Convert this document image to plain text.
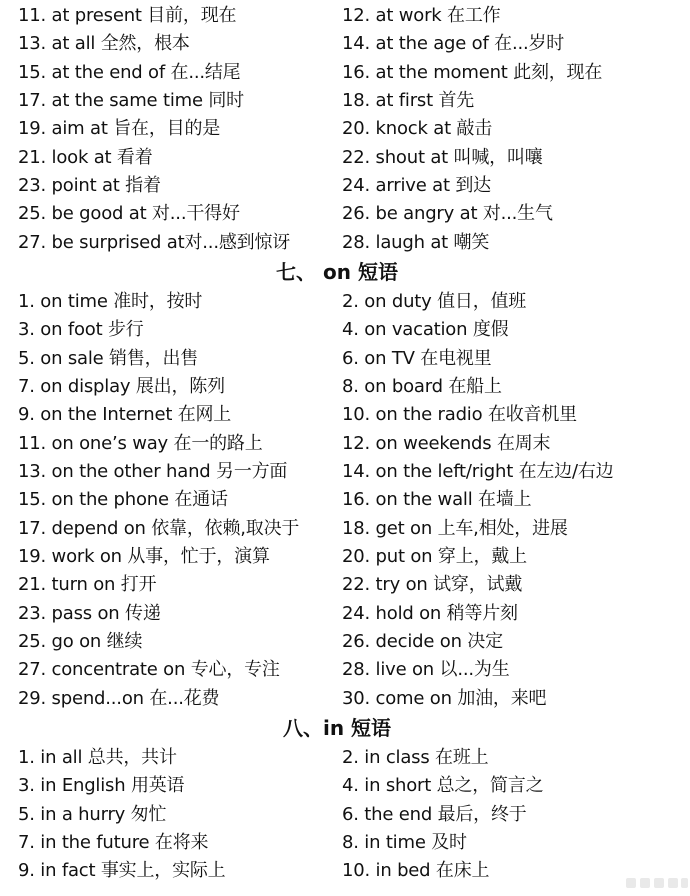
11. at present 目前，现在	12. at work 在工作
13. at all 全然，根本	14. at the age of 在...岁时
15. at the end of 在...结尾	16. at the moment 此刻，现在
17. at the same time 同时	18. at first 首先
19. aim at 旨在，目的是	20. knock at 敲击
21. look at 看着	22. shout at 叫喊，叫嚷
23. point at 指着	24. arrive at 到达
25. be good at 对...干得好	26. be angry at 对...生气
27. be surprised at对...感到惊讶	28. laugh at 嘲笑
七、 on 短语
1. on time 准时，按时	2. on duty 值日，值班
3. on foot 步行	4. on vacation 度假
5. on sale 销售，出售	6. on TV 在电视里
7. on display 展出，陈列	8. on board 在船上
9. on the Internet 在网上	10. on the radio 在收音机里
11. on one’s way 在一的路上	12. on weekends 在周末
13. on the other hand 另一方面	14. on the left/right 在左边/右边
15. on the phone 在通话	16. on the wall 在墙上
17. depend on 依靠，依赖,取决于 18. get on 上车,相处，进展
19. work on 从事，忙于，演算	20. put on 穿上，戴上
21. turn on 打开	22. try on 试穿，试戴
23. pass on 传递	24. hold on 稍等片刻
25. go on 继续	26. decide on 决定
27. concentrate on 专心，专注	28. live on 以...为生
29. spend...on 在...花费	30. come on 加油，来吧
八、in 短语
1. in all 总共，共计	2. in class 在班上
3. in English 用英语	4. in short 总之，简言之
5. in a hurry 匆忙	6. the end 最后，终于
7. in the future 在将来	8. in time 及时
9. in fact 事实上，实际上	10. in bed 在床上
